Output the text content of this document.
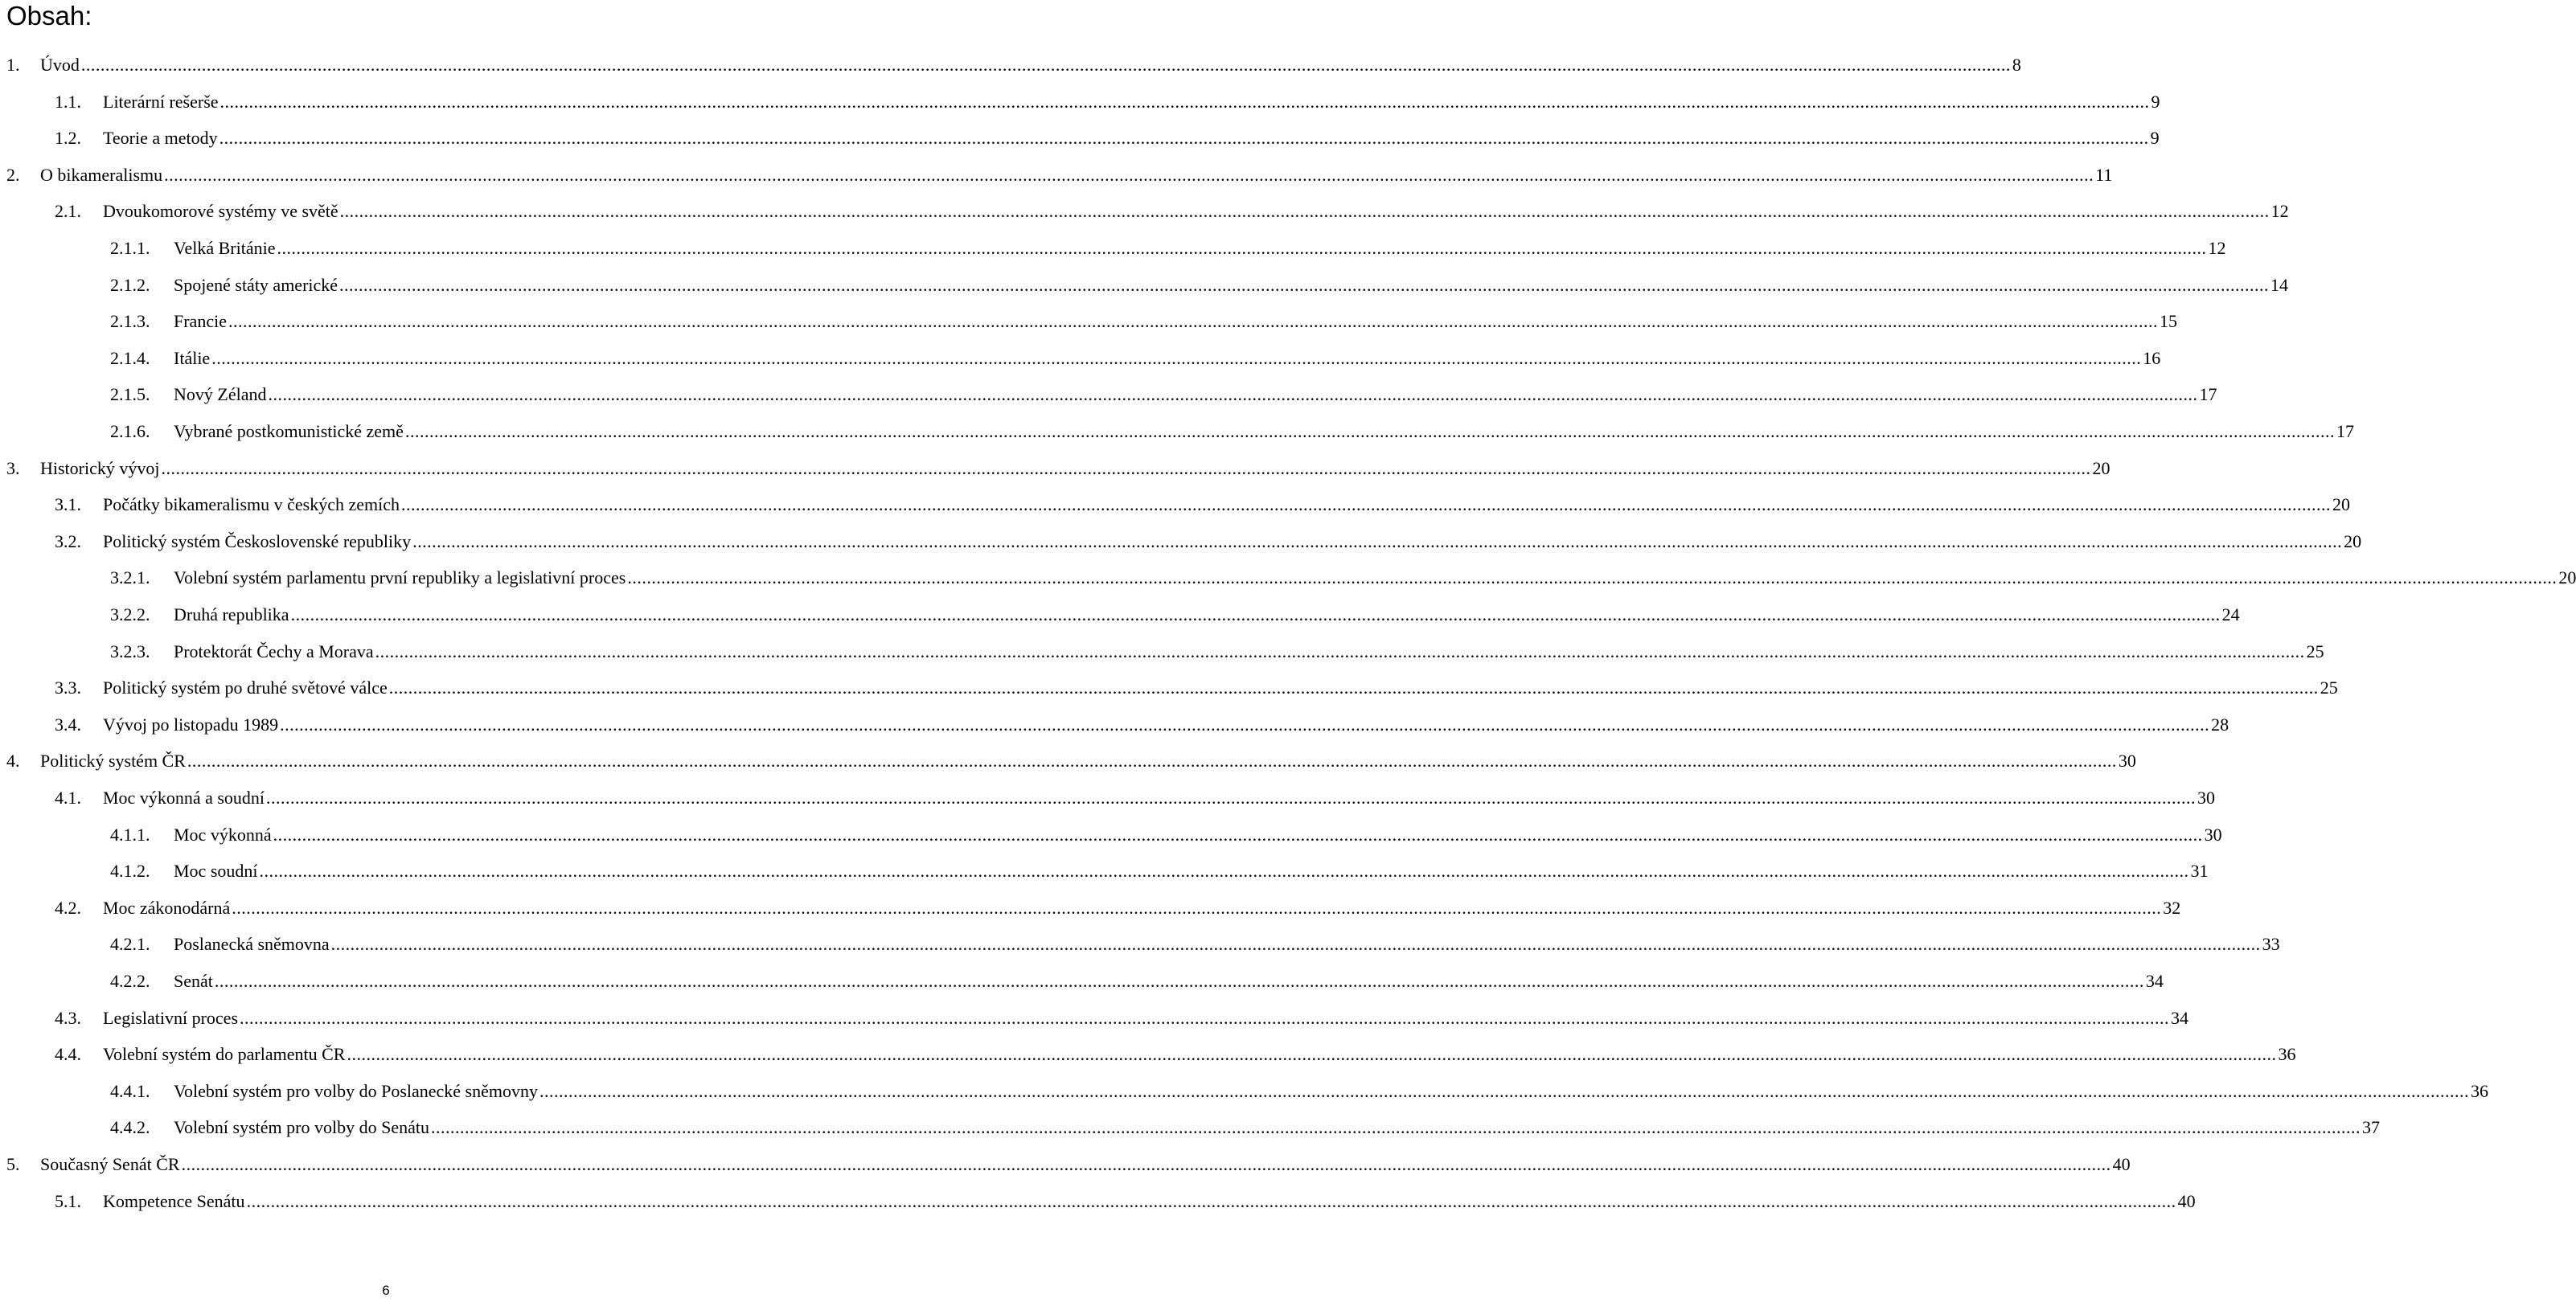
Obsah:
1. Úvod ................................................................................................................................................................................................................................................................................................................................................................................................................ 8
1.1. Literární rešerše ................................................................................................................................................................................................................................................................................................................................................................................................................ 9
1.2. Teorie a metody ................................................................................................................................................................................................................................................................................................................................................................................................................ 9
2. O bikameralismu ................................................................................................................................................................................................................................................................................................................................................................................................................ 11
2.1. Dvoukomorové systémy ve světě ................................................................................................................................................................................................................................................................................................................................................................................................................ 12
2.1.1. Velká Británie ................................................................................................................................................................................................................................................................................................................................................................................................................ 12
2.1.2. Spojené státy americké ................................................................................................................................................................................................................................................................................................................................................................................................................ 14
2.1.3. Francie ................................................................................................................................................................................................................................................................................................................................................................................................................ 15
2.1.4. Itálie ................................................................................................................................................................................................................................................................................................................................................................................................................ 16
2.1.5. Nový Zéland ................................................................................................................................................................................................................................................................................................................................................................................................................ 17
2.1.6. Vybrané postkomunistické země ................................................................................................................................................................................................................................................................................................................................................................................................................ 17
3. Historický vývoj ................................................................................................................................................................................................................................................................................................................................................................................................................ 20
3.1. Počátky bikameralismu v českých zemích ................................................................................................................................................................................................................................................................................................................................................................................................................ 20
3.2. Politický systém Československé republiky ................................................................................................................................................................................................................................................................................................................................................................................................................ 20
3.2.1. Volební systém parlamentu první republiky a legislativní proces ................................................................................................................................................................................................................................................................................................................................................................................................................ 20
3.2.2. Druhá republika ................................................................................................................................................................................................................................................................................................................................................................................................................ 24
3.2.3. Protektorát Čechy a Morava ................................................................................................................................................................................................................................................................................................................................................................................................................ 25
3.3. Politický systém po druhé světové válce ................................................................................................................................................................................................................................................................................................................................................................................................................ 25
3.4. Vývoj po listopadu 1989 ................................................................................................................................................................................................................................................................................................................................................................................................................ 28
4. Politický systém ČR ................................................................................................................................................................................................................................................................................................................................................................................................................ 30
4.1. Moc výkonná a soudní ................................................................................................................................................................................................................................................................................................................................................................................................................ 30
4.1.1. Moc výkonná ................................................................................................................................................................................................................................................................................................................................................................................................................ 30
4.1.2. Moc soudní ................................................................................................................................................................................................................................................................................................................................................................................................................ 31
4.2. Moc zákonodárná ................................................................................................................................................................................................................................................................................................................................................................................................................ 32
4.2.1. Poslanecká sněmovna ................................................................................................................................................................................................................................................................................................................................................................................................................ 33
4.2.2. Senát ................................................................................................................................................................................................................................................................................................................................................................................................................ 34
4.3. Legislativní proces ................................................................................................................................................................................................................................................................................................................................................................................................................ 34
4.4. Volební systém do parlamentu ČR ................................................................................................................................................................................................................................................................................................................................................................................................................ 36
4.4.1. Volební systém pro volby do Poslanecké sněmovny ................................................................................................................................................................................................................................................................................................................................................................................................................ 36
4.4.2. Volební systém pro volby do Senátu ................................................................................................................................................................................................................................................................................................................................................................................................................ 37
5. Současný Senát ČR ................................................................................................................................................................................................................................................................................................................................................................................................................ 40
5.1. Kompetence Senátu ................................................................................................................................................................................................................................................................................................................................................................................................................ 40
6
